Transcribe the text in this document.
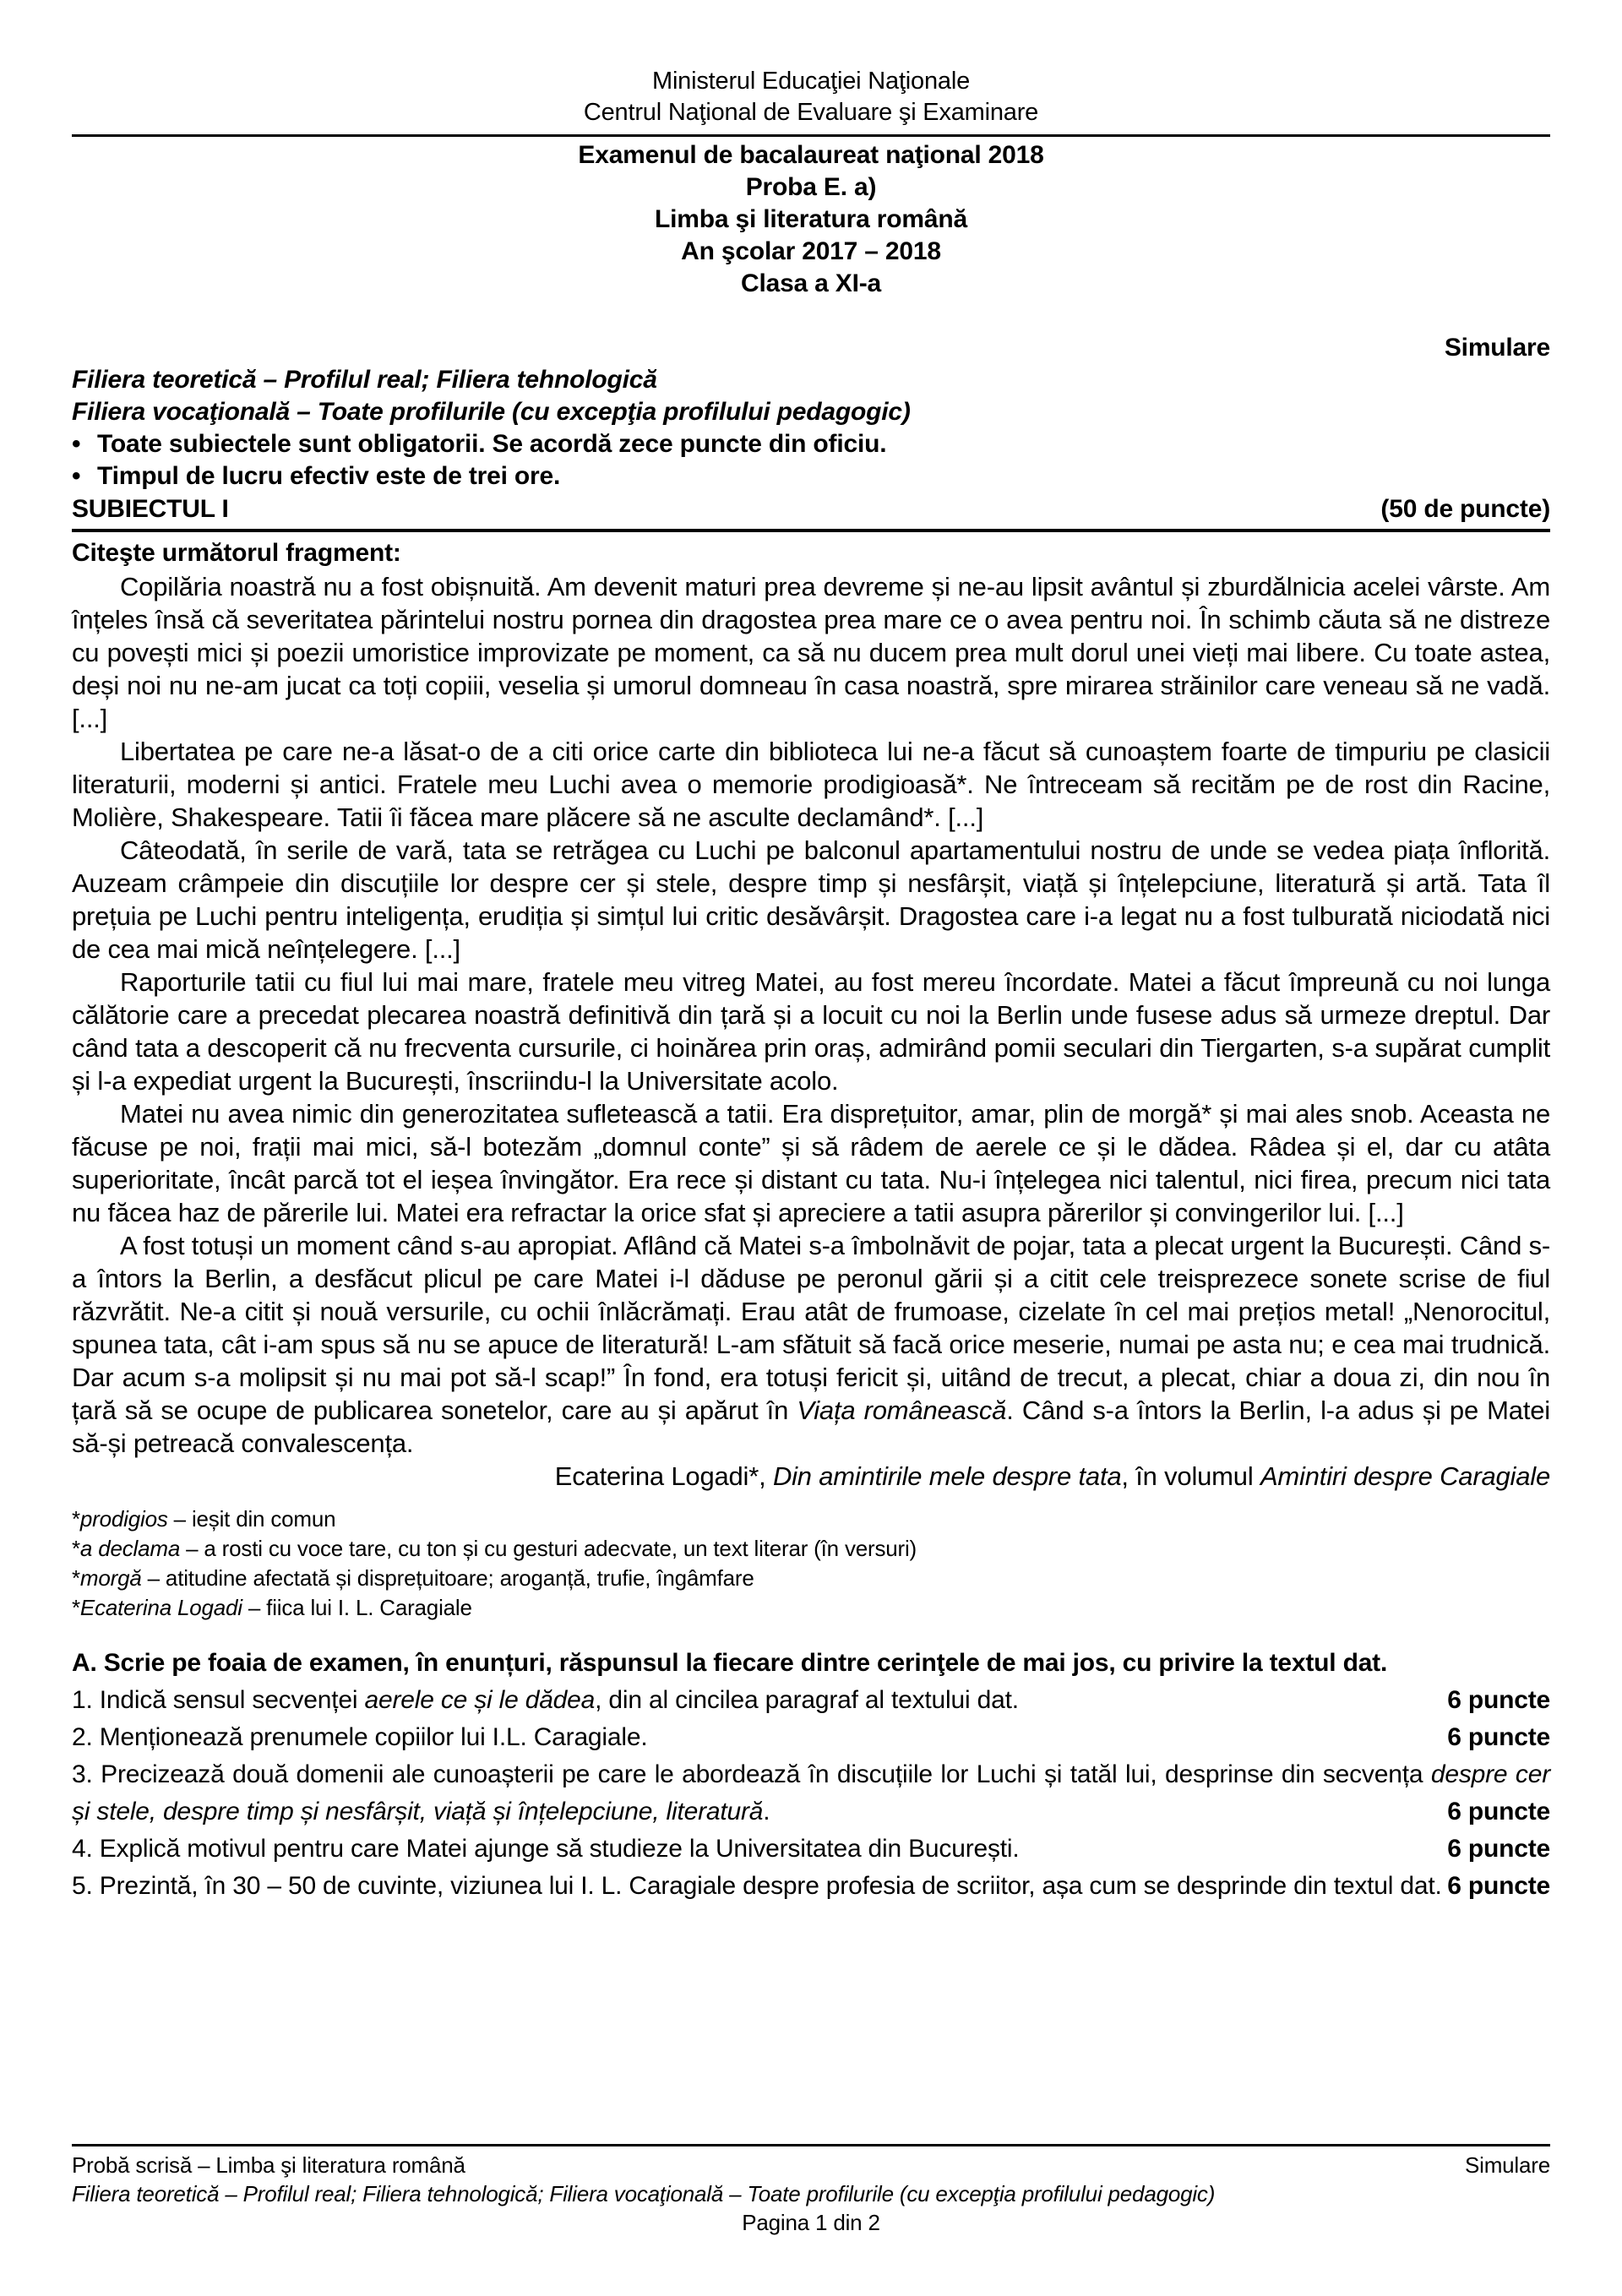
Ministerul Educaţiei Naţionale
Centrul Naţional de Evaluare şi Examinare
Examenul de bacalaureat naţional 2018
Proba E. a)
Limba şi literatura română
An şcolar 2017 – 2018
Clasa a XI-a
Simulare
Filiera teoretică – Profilul real; Filiera tehnologică
Filiera vocaţională – Toate profilurile (cu excepţia profilului pedagogic)
• Toate subiectele sunt obligatorii. Se acordă zece puncte din oficiu.
• Timpul de lucru efectiv este de trei ore.
SUBIECTUL I	(50 de puncte)
Citeşte următorul fragment:
Copilăria noastră nu a fost obișnuită. Am devenit maturi prea devreme și ne-au lipsit avântul și zburdălnicia acelei vârste. Am înțeles însă că severitatea părintelui nostru pornea din dragostea prea mare ce o avea pentru noi. În schimb căuta să ne distreze cu povești mici și poezii umoristice improvizate pe moment, ca să nu ducem prea mult dorul unei vieți mai libere. Cu toate astea, deși noi nu ne-am jucat ca toți copiii, veselia și umorul domneau în casa noastră, spre mirarea străinilor care veneau să ne vadă. [...]
Libertatea pe care ne-a lăsat-o de a citi orice carte din biblioteca lui ne-a făcut să cunoaștem foarte de timpuriu pe clasicii literaturii, moderni și antici. Fratele meu Luchi avea o memorie prodigioasă*. Ne întreceam să recităm pe de rost din Racine, Molière, Shakespeare. Tatii îi făcea mare plăcere să ne asculte declamând*. [...]
Câteodată, în serile de vară, tata se retrăgea cu Luchi pe balconul apartamentului nostru de unde se vedea piața înflorită. Auzeam crâmpeie din discuțiile lor despre cer și stele, despre timp și nesfârșit, viață și înțelepciune, literatură și artă. Tata îl prețuia pe Luchi pentru inteligența, erudiția și simțul lui critic desăvârșit. Dragostea care i-a legat nu a fost tulburată niciodată nici de cea mai mică neînțelegere. [...]
Raporturile tatii cu fiul lui mai mare, fratele meu vitreg Matei, au fost mereu încordate. Matei a făcut împreună cu noi lunga călătorie care a precedat plecarea noastră definitivă din țară și a locuit cu noi la Berlin unde fusese adus să urmeze dreptul. Dar când tata a descoperit că nu frecventa cursurile, ci hoinărea prin oraș, admirând pomii seculari din Tiergarten, s-a supărat cumplit și l-a expediat urgent la București, înscriindu-l la Universitate acolo.
Matei nu avea nimic din generozitatea sufletească a tatii. Era disprețuitor, amar, plin de morgă* și mai ales snob. Aceasta ne făcuse pe noi, frații mai mici, să-l botezăm „domnul conte” și să râdem de aerele ce și le dădea. Râdea și el, dar cu atâta superioritate, încât parcă tot el ieșea învingător. Era rece și distant cu tata. Nu-i înțelegea nici talentul, nici firea, precum nici tata nu făcea haz de părerile lui. Matei era refractar la orice sfat și apreciere a tatii asupra părerilor și convingerilor lui. [...]
A fost totuși un moment când s-au apropiat. Aflând că Matei s-a îmbolnăvit de pojar, tata a plecat urgent la București. Când s-a întors la Berlin, a desfăcut plicul pe care Matei i-l dăduse pe peronul gării și a citit cele treisprezece sonete scrise de fiul răzvrătit. Ne-a citit și nouă versurile, cu ochii înlăcrămați. Erau atât de frumoase, cizelate în cel mai prețios metal! „Nenorocitul, spunea tata, cât i-am spus să nu se apuce de literatură! L-am sfătuit să facă orice meserie, numai pe asta nu; e cea mai trudnică. Dar acum s-a molipsit și nu mai pot să-l scap!” În fond, era totuși fericit și, uitând de trecut, a plecat, chiar a doua zi, din nou în țară să se ocupe de publicarea sonetelor, care au și apărut în Viața românească. Când s-a întors la Berlin, l-a adus și pe Matei să-și petreacă convalescența.
Ecaterina Logadi*, Din amintirile mele despre tata, în volumul Amintiri despre Caragiale
*prodigios – ieșit din comun
*a declama – a rosti cu voce tare, cu ton și cu gesturi adecvate, un text literar (în versuri)
*morgă – atitudine afectată și disprețuitoare; aroganță, trufie, îngâmfare
*Ecaterina Logadi – fiica lui I. L. Caragiale
A. Scrie pe foaia de examen, în enunțuri, răspunsul la fiecare dintre cerinţele de mai jos, cu privire la textul dat.
1. Indică sensul secvenței aerele ce și le dădea, din al cincilea paragraf al textului dat.	6 puncte
2. Menționează prenumele copiilor lui I.L. Caragiale.	6 puncte
3. Precizează două domenii ale cunoașterii pe care le abordează în discuțiile lor Luchi și tatăl lui, desprinse din secvența despre cer și stele, despre timp și nesfârșit, viață și înțelepciune, literatură.	6 puncte
4. Explică motivul pentru care Matei ajunge să studieze la Universitatea din București.	6 puncte
5. Prezintă, în 30 – 50 de cuvinte, viziunea lui I. L. Caragiale despre profesia de scriitor, așa cum se desprinde din textul dat. 6 puncte
Probă scrisă – Limba şi literatura română	Simulare
Filiera teoretică – Profilul real; Filiera tehnologică; Filiera vocaţională – Toate profilurile (cu excepţia profilului pedagogic)
Pagina 1 din 2
